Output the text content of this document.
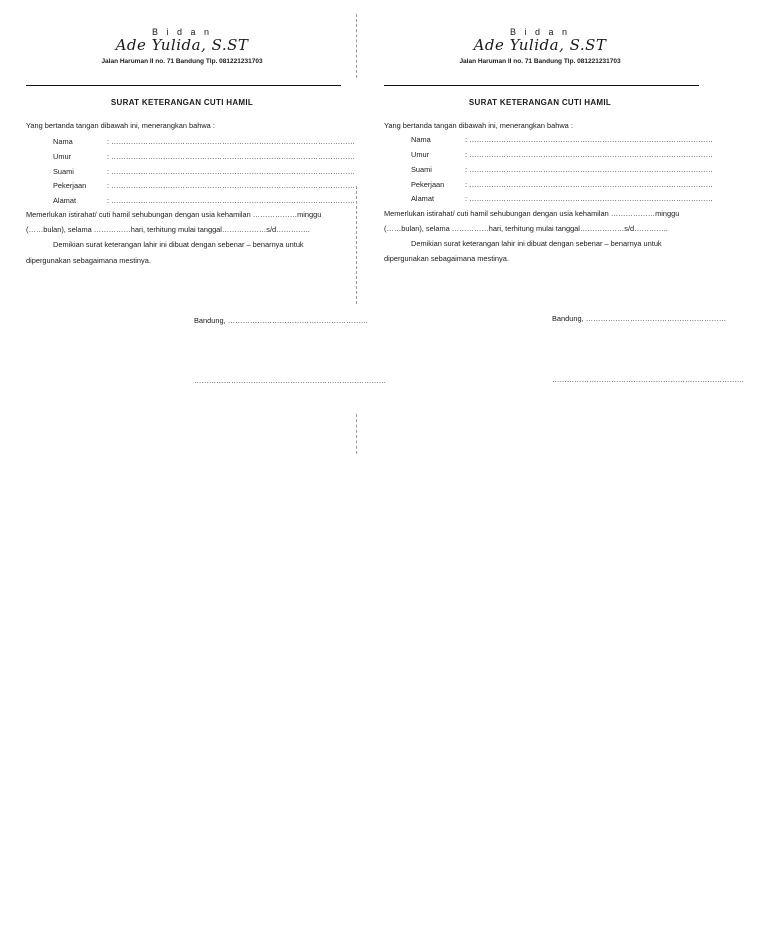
B i d a n
Ade Yulida, S.ST
Jalan Haruman II no. 71 Bandung Tlp. 081221231703
SURAT KETERANGAN CUTI HAMIL
Yang bertanda tangan dibawah ini, menerangkan bahwa :
Nama	: ………………………………………………………………………………………
Umur	: ………………………………………………………………………………………
Suami	: ………………………………………………………………………………………
Pekerjaan	: ………………………………………………………………………………………
Alamat	: ………………………………………………………………………………………
Memerlukan istirahat/ cuti hamil sehubungan dengan usia kehamilan ………………minggu
(……bulan), selama ……………hari, terhitung mulai tanggal………………s/d…………..
Demikian surat keterangan lahir ini dibuat dengan sebenar – benarnya untuk
dipergunakan sebagaimana mestinya.
Bandung, …………………………………………………
……………………………………………………………………
B i d a n
Ade Yulida, S.ST
Jalan Haruman II no. 71 Bandung Tlp. 081221231703
SURAT KETERANGAN CUTI HAMIL
Yang bertanda tangan dibawah ini, menerangkan bahwa :
Nama	: ………………………………………………………………………………………
Umur	: ………………………………………………………………………………………
Suami	: ………………………………………………………………………………………
Pekerjaan	: ………………………………………………………………………………………
Alamat	: ………………………………………………………………………………………
Memerlukan istirahat/ cuti hamil sehubungan dengan usia kehamilan ………………minggu
(……bulan), selama ……………hari, terhitung mulai tanggal………………s/d…………..
Demikian surat keterangan lahir ini dibuat dengan sebenar – benarnya untuk
dipergunakan sebagaimana mestinya.
Bandung, …………………………………………………
……………………………………………………………………
